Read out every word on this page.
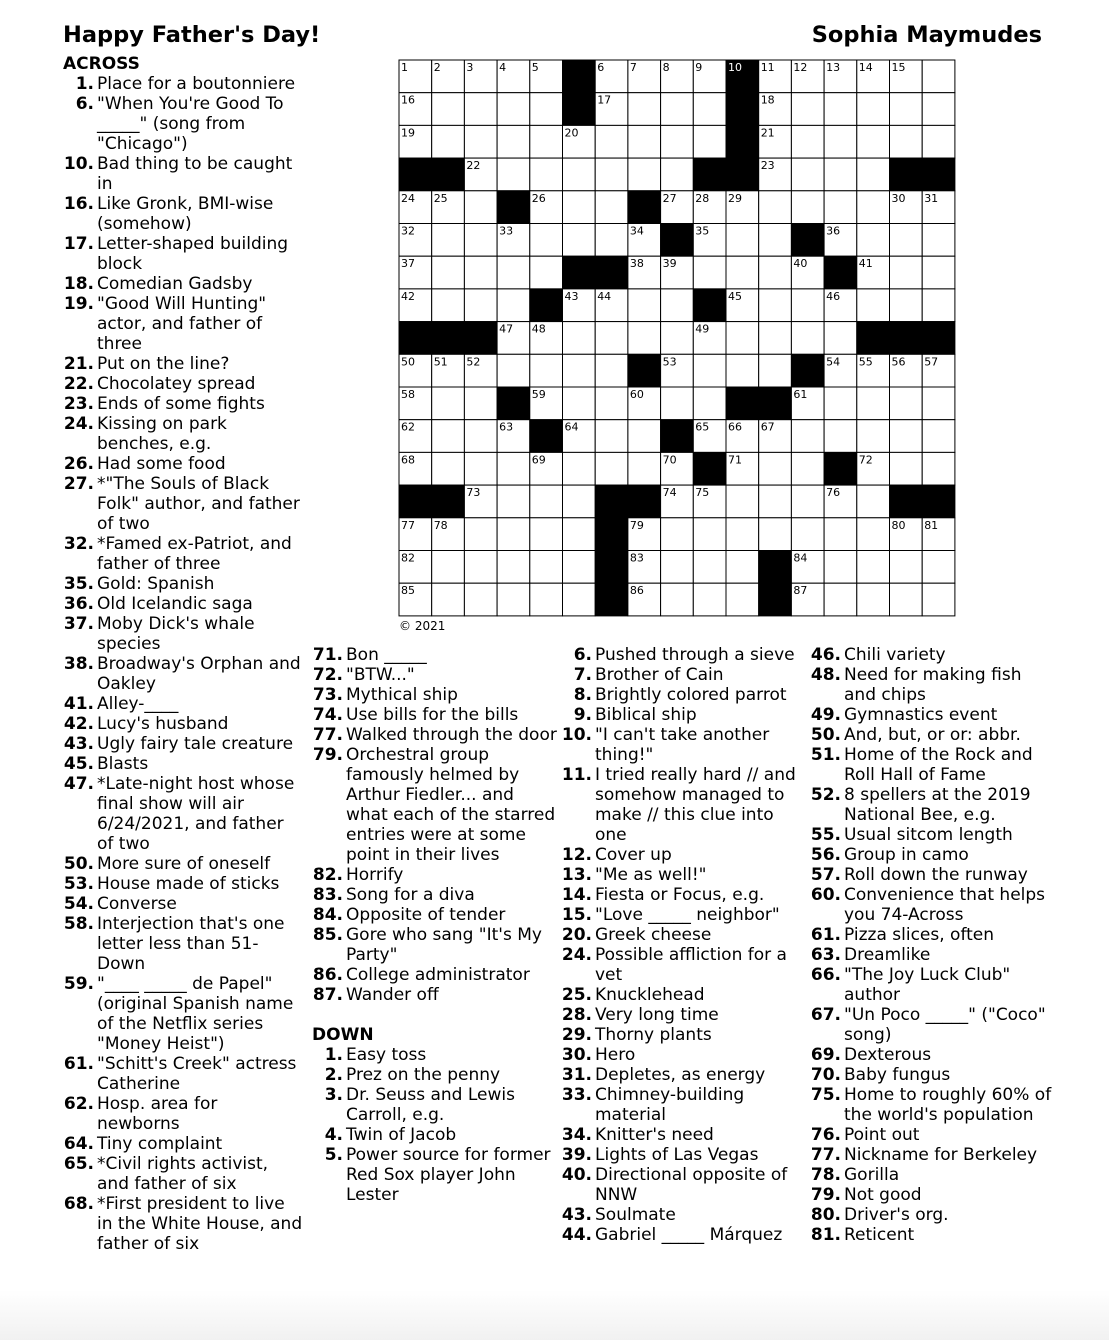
Happy Father's Day!	Sophia Maymudes
1 2 3 4 5	6 7 8 9 10 11 12 13 14 15
16	17	18
19	20	21
22	23
24 25	26	27 28 29	30 31
32	33	34	35	36
37	38 39	40	41
42	43 44	45	46
47 48	49
50 51 52	53	54 55 56 57
58	59	60	61
62	63	64	65 66 67
68	69	70	71	72
73	74 75	76
77 78	79	80 81
82	83	84
85	86	87
© 2021
ACROSS
1. Place for a boutonniere
6. "When You're Good To _____" (song from "Chicago")
10. Bad thing to be caught in
16. Like Gronk, BMI-wise (somehow)
17. Letter-shaped building block
18. Comedian Gadsby
19. "Good Will Hunting" actor, and father of three
21. Put on the line?
22. Chocolatey spread
23. Ends of some fights
24. Kissing on park benches, e.g.
26. Had some food
27. *"The Souls of Black Folk" author, and father of two
32. *Famed ex-Patriot, and father of three
35. Gold: Spanish
36. Old Icelandic saga
37. Moby Dick's whale species
38. Broadway's Orphan and Oakley
41. Alley-____
42. Lucy's husband
43. Ugly fairy tale creature
45. Blasts
47. *Late-night host whose final show will air 6/24/2021, and father of two
50. More sure of oneself
53. House made of sticks
54. Converse
58. Interjection that's one letter less than 51-Down
59. "____ _____ de Papel" (original Spanish name of the Netflix series "Money Heist")
61. "Schitt's Creek" actress Catherine
62. Hosp. area for newborns
64. Tiny complaint
65. *Civil rights activist, and father of six
68. *First president to live in the White House, and father of six
71. Bon _____
72. "BTW..."
73. Mythical ship
74. Use bills for the bills
77. Walked through the door
79. Orchestral group famously helmed by Arthur Fiedler... and what each of the starred entries were at some point in their lives
82. Horrify
83. Song for a diva
84. Opposite of tender
85. Gore who sang "It's My Party"
86. College administrator
87. Wander off
DOWN
1. Easy toss
2. Prez on the penny
3. Dr. Seuss and Lewis Carroll, e.g.
4. Twin of Jacob
5. Power source for former Red Sox player John Lester
6. Pushed through a sieve
7. Brother of Cain
8. Brightly colored parrot
9. Biblical ship
10. "I can't take another thing!"
11. I tried really hard // and somehow managed to make // this clue into one
12. Cover up
13. "Me as well!"
14. Fiesta or Focus, e.g.
15. "Love _____ neighbor"
20. Greek cheese
24. Possible affliction for a vet
25. Knucklehead
28. Very long time
29. Thorny plants
30. Hero
31. Depletes, as energy
33. Chimney-building material
34. Knitter's need
39. Lights of Las Vegas
40. Directional opposite of NNW
43. Soulmate
44. Gabriel _____ Márquez
46. Chili variety
48. Need for making fish and chips
49. Gymnastics event
50. And, but, or or: abbr.
51. Home of the Rock and Roll Hall of Fame
52. 8 spellers at the 2019 National Bee, e.g.
55. Usual sitcom length
56. Group in camo
57. Roll down the runway
60. Convenience that helps you 74-Across
61. Pizza slices, often
63. Dreamlike
66. "The Joy Luck Club" author
67. "Un Poco _____" ("Coco" song)
69. Dexterous
70. Baby fungus
75. Home to roughly 60% of the world's population
76. Point out
77. Nickname for Berkeley
78. Gorilla
79. Not good
80. Driver's org.
81. Reticent
